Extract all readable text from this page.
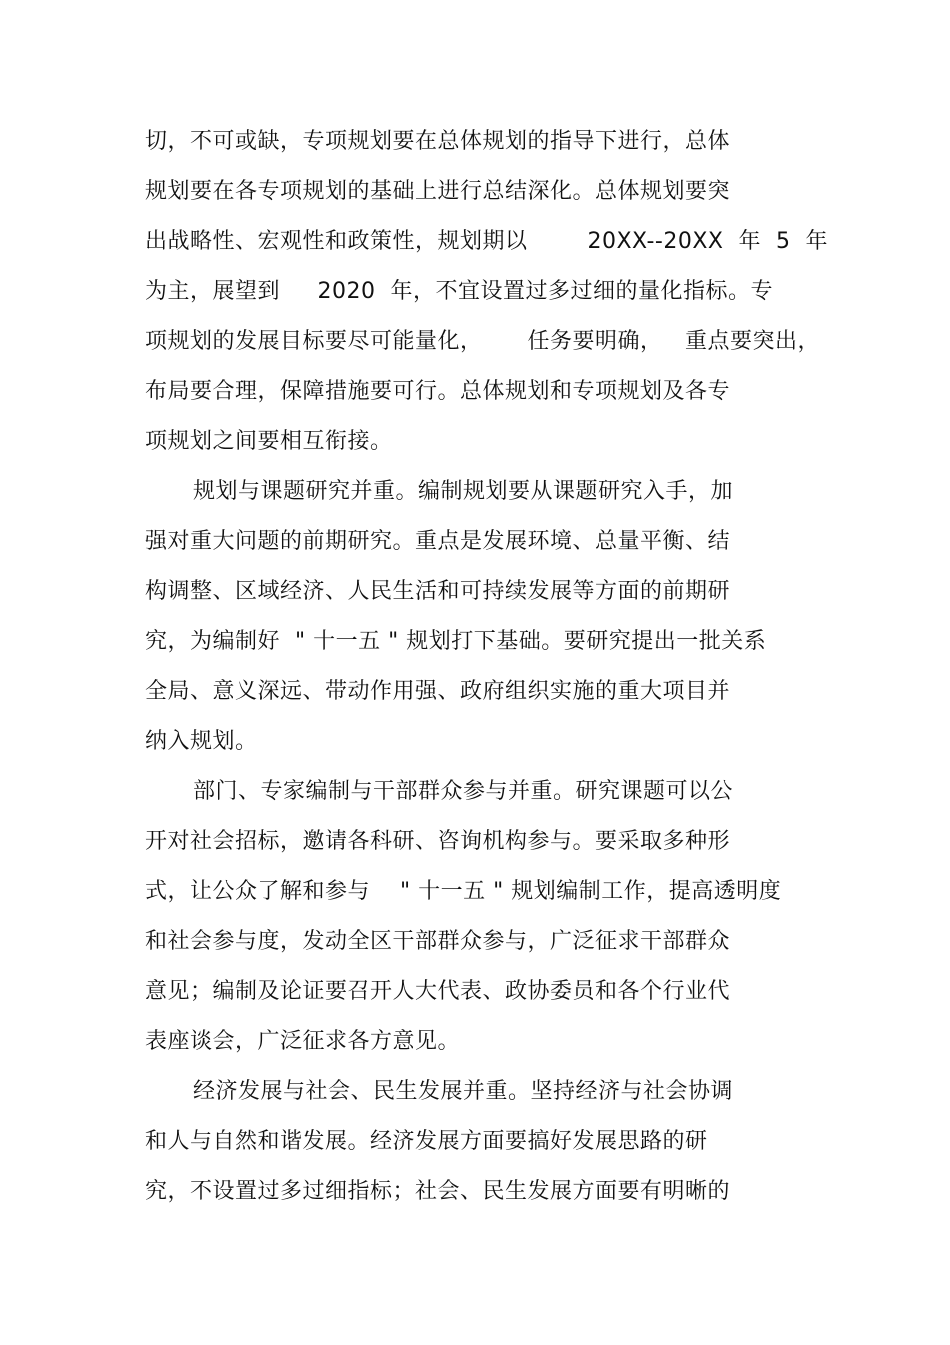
切，不可或缺，专项规划要在总体规划的指导下进行，总体
规划要在各专项规划的基础上进行总结深化。总体规划要突
出战略性、宏观性和政策性，规划期以        20XX--20XX  年  5  年
为主，展望到     2020  年，不宜设置过多过细的量化指标。专
项规划的发展目标要尽可能量化，      任务要明确，   重点要突出，
布局要合理，保障措施要可行。总体规划和专项规划及各专
项规划之间要相互衔接。
规划与课题研究并重。编制规划要从课题研究入手，加
强对重大问题的前期研究。重点是发展环境、总量平衡、结
构调整、区域经济、人民生活和可持续发展等方面的前期研
究，为编制好  " 十一五 " 规划打下基础。要研究提出一批关系
全局、意义深远、带动作用强、政府组织实施的重大项目并
纳入规划。
部门、专家编制与干部群众参与并重。研究课题可以公
开对社会招标，邀请各科研、咨询机构参与。要采取多种形
式，让公众了解和参与    " 十一五 " 规划编制工作，提高透明度
和社会参与度，发动全区干部群众参与，广泛征求干部群众
意见；编制及论证要召开人大代表、政协委员和各个行业代
表座谈会，广泛征求各方意见。
经济发展与社会、民生发展并重。坚持经济与社会协调
和人与自然和谐发展。经济发展方面要搞好发展思路的研
究，不设置过多过细指标；社会、民生发展方面要有明晰的
